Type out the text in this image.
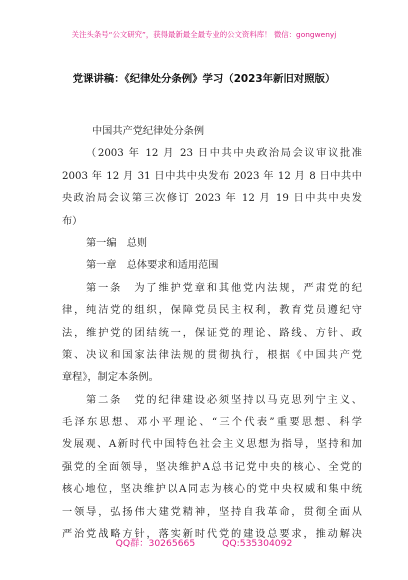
关注头条号“公文研究”，获得最新最全最专业的公文资料库！ 微信：gongwenyj
党课讲稿：《纪律处分条例》学习（2023年新旧对照版）
中国共产党纪律处分条例
（2003 年 12 月 23 日中共中央政治局会议审议批准
2003 年 12 月 31 日中共中央发布 2023 年 12 月 8 日中共中
央政治局会议第三次修订 2023 年 12 月 19 日中共中央发
布）
第一编　总则
第一章　总体要求和适用范围
第一条　为了维护党章和其他党内法规，严肃党的纪
律，纯洁党的组织，保障党员民主权利，教育党员遵纪守
法，维护党的团结统一，保证党的理论、路线、方针、政
策、决议和国家法律法规的贯彻执行，根据《中国共产党
章程》，制定本条例。
第二条　党的纪律建设必须坚持以马克思列宁主义、
毛泽东思想、邓小平理论、“三个代表”重要思想、科学
发展观、A新时代中国特色社会主义思想为指导，坚持和加
强党的全面领导，坚决维护A总书记党中央的核心、全党的
核心地位，坚决维护以A同志为核心的党中央权威和集中统
一领导，弘扬伟大建党精神，坚持自我革命，贯彻全面从
严治党战略方针，落实新时代党的建设总要求，推动解决
QQ群：30265665	QQ:535304092
